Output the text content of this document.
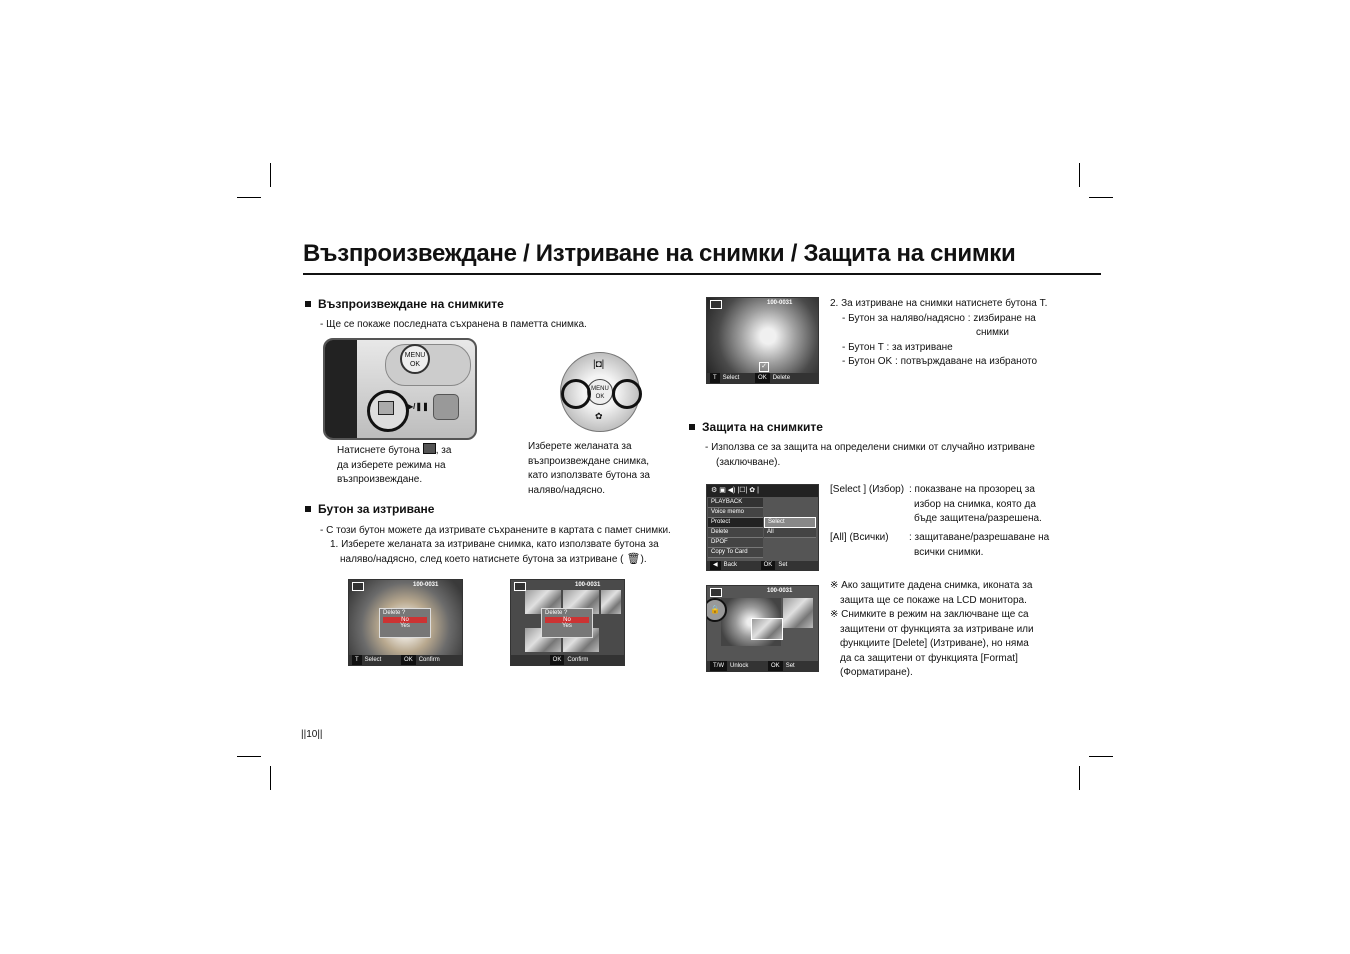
Възпроизвеждане / Изтриване на снимки / Защита на снимки
Възпроизвеждане на снимките
- Ще се покаже последната съхранена в паметта снимка.
MENU
OK
▶/❚❚
|◘|
MENU
OK
✿
Натиснете бутона , за
да изберете режима на
възпроизвеждане.
Изберете желаната за
възпроизвеждане снимка,
като използвате бутона за
наляво/надясно.
Бутон за изтриване
- С този бутон можете да изтривате съхранените в картата с памет снимки.
1. Изберете желаната за изтриване снимка, като използвате бутона за
наляво/надясно, след което натиснете бутона за изтриване ( 🗑).
100-0031
Delete ?
No
Yes
T Select	OK Confirm
100-0031
Delete ?
No
Yes
OK Confirm
||10||
100-0031
✓
T Select	OK Delete
2. За изтриване на снимки натиснете бутона T.
- Бутон за наляво/надясно : zизбиране на
снимки
- Бутон T : за изтриване
- Бутон OK : потвърждаване на избраното
Защита на снимките
- Използва се за защита на определени снимки от случайно изтриване
(заключване).
⚙ ▣ ◀) |☐| ✿ |
PLAYBACK
Voice memo
Protect
Delete
DPOF
Copy To Card
Select
All
◀ Back	OK Set
[Select ] (Избор) : показване на прозорец за
избор на снимка, която да
бъде защитена/разрешена.
[All] (Всички) : защитаване/разрешаване на
всички снимки.
100-0031
🔒
T/W Unlock	OK Set
※ Ако защитите дадена снимка, иконата за
защита ще се покаже на LCD монитора.
※ Снимките в режим на заключване ще са
защитени от функцията за изтриване или
функциите [Delete] (Изтриване), но няма
да са защитени от функцията [Format]
(Форматиране).
